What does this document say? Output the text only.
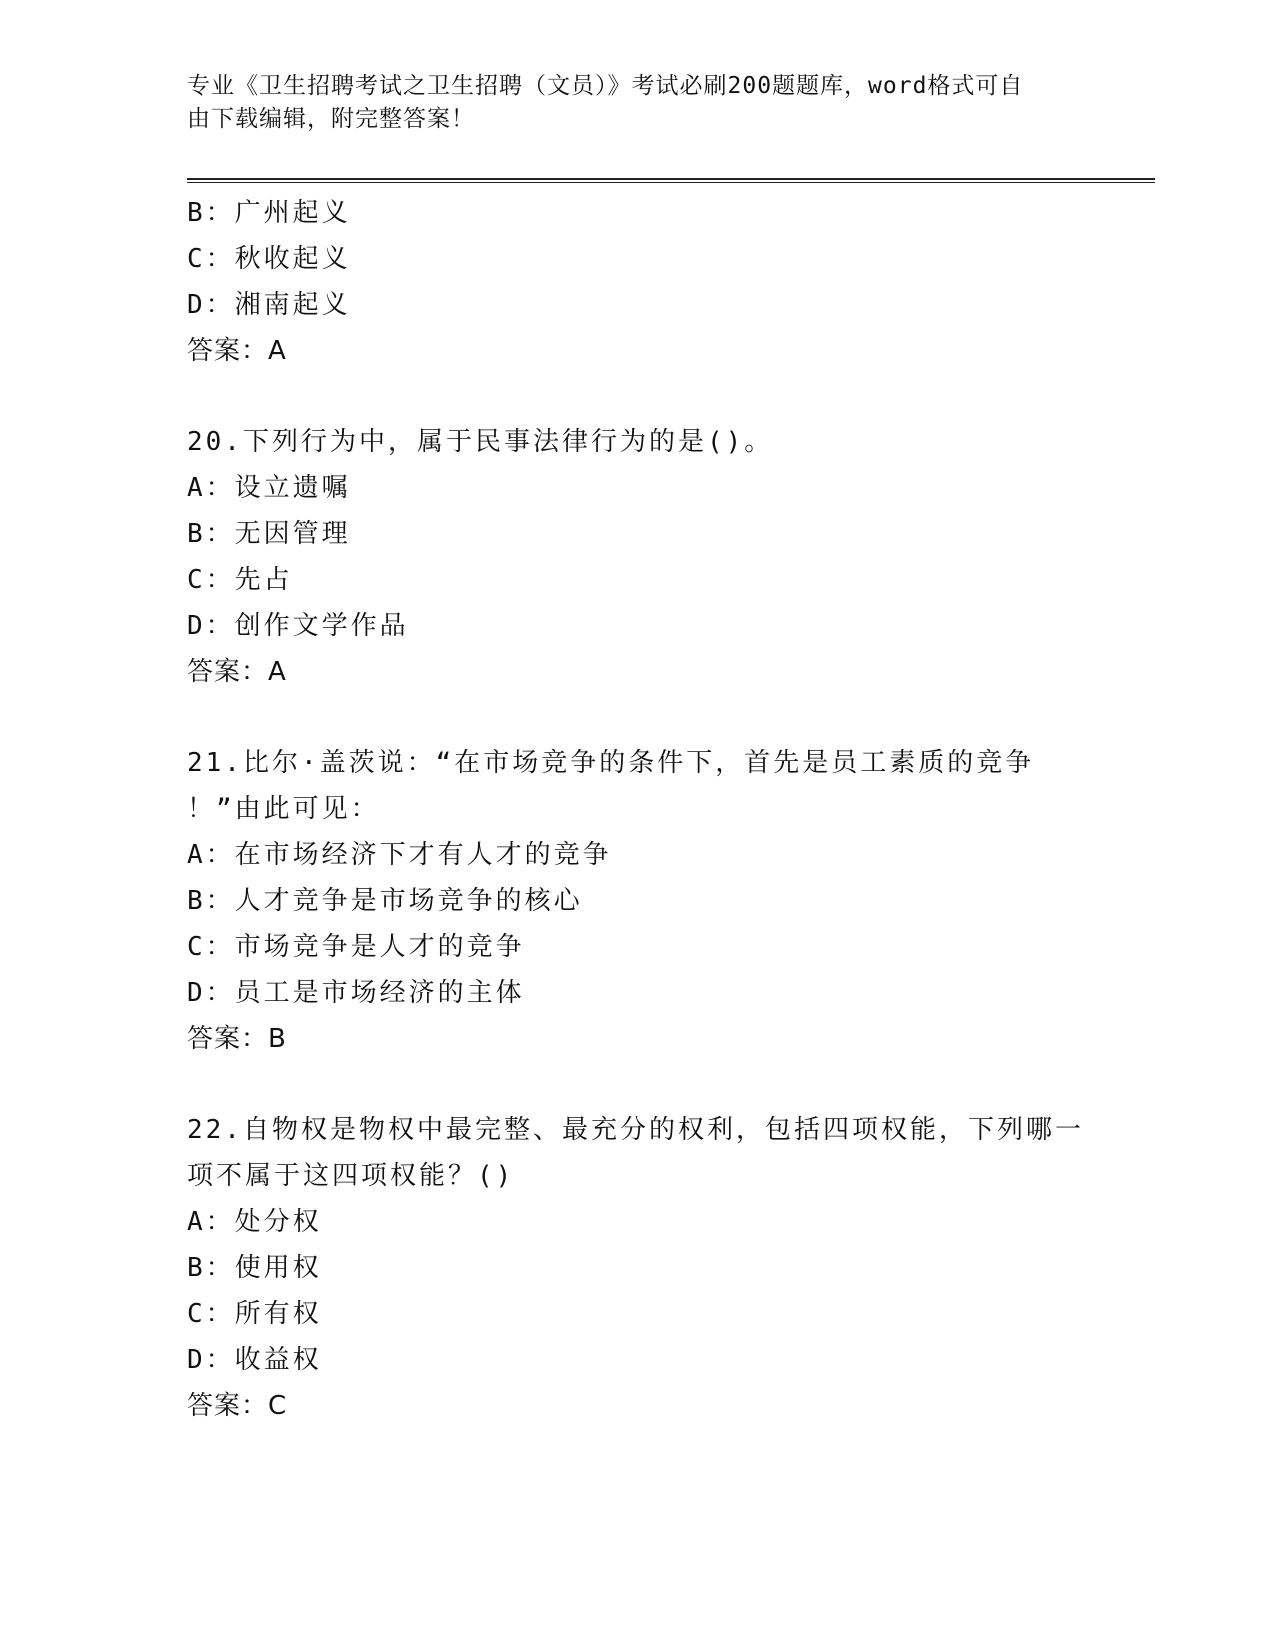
专业《卫生招聘考试之卫生招聘（文员）》考试必刷200题题库，word格式可自
由下载编辑，附完整答案！
B：广州起义
C：秋收起义
D：湘南起义
答案：A
20.下列行为中，属于民事法律行为的是()。
A：设立遗嘱
B：无因管理
C：先占
D：创作文学作品
答案：A
21.比尔·盖茨说：“在市场竞争的条件下，首先是员工素质的竞争
！”由此可见：
A：在市场经济下才有人才的竞争
B：人才竞争是市场竞争的核心
C：市场竞争是人才的竞争
D：员工是市场经济的主体
答案：B
22.自物权是物权中最完整、最充分的权利，包括四项权能，下列哪一
项不属于这四项权能？()
A：处分权
B：使用权
C：所有权
D：收益权
答案：C
